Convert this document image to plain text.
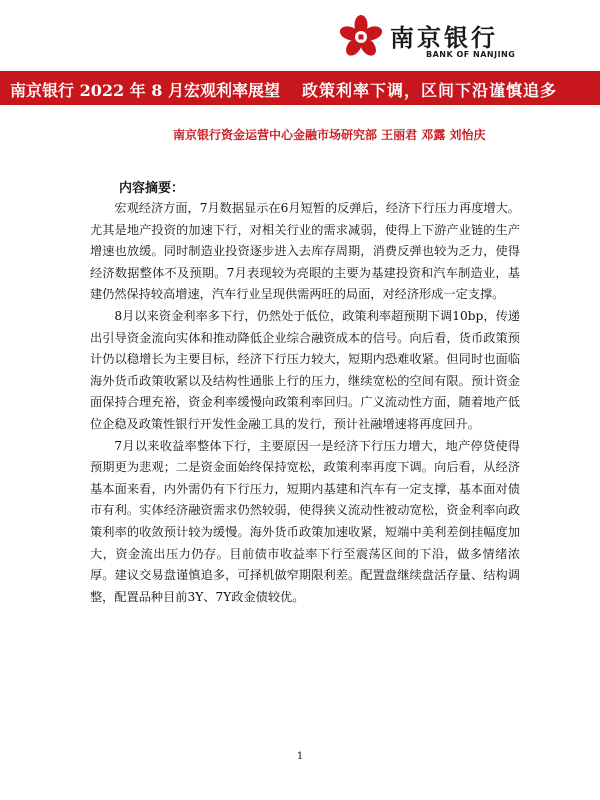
南京银行
BANK OF NANJING
南京银行 2022 年 8 月宏观利率展望 政策利率下调，区间下沿谨慎追多
南京银行资金运营中心金融市场研究部 王丽君 邓露 刘怡庆
内容摘要：

宏观经济方面，7月数据显示在6月短暂的反弹后，经济下行压力再度增大。尤其是地产投资的加速下行，对相关行业的需求减弱，使得上下游产业链的生产增速也放缓。同时制造业投资逐步进入去库存周期，消费反弹也较为乏力，使得经济数据整体不及预期。7月表现较为亮眼的主要为基建投资和汽车制造业，基建仍然保持较高增速，汽车行业呈现供需两旺的局面，对经济形成一定支撑。

8月以来资金利率多下行，仍然处于低位，政策利率超预期下调10bp，传递出引导资金流向实体和推动降低企业综合融资成本的信号。向后看，货币政策预计仍以稳增长为主要目标，经济下行压力较大，短期内恐难收紧。但同时也面临海外货币政策收紧以及结构性通胀上行的压力，继续宽松的空间有限。预计资金面保持合理充裕，资金利率缓慢向政策利率回归。广义流动性方面，随着地产低位企稳及政策性银行开发性金融工具的发行，预计社融增速将再度回升。

7月以来收益率整体下行，主要原因一是经济下行压力增大，地产停贷使得预期更为悲观；二是资金面始终保持宽松，政策利率再度下调。向后看，从经济基本面来看，内外需仍有下行压力，短期内基建和汽车有一定支撑，基本面对债市有利。实体经济融资需求仍然较弱，使得狭义流动性被动宽松，资金利率向政策利率的收敛预计较为缓慢。海外货币政策加速收紧，短端中美利差倒挂幅度加大，资金流出压力仍存。目前债市收益率下行至震荡区间的下沿，做多情绪浓厚。建议交易盘谨慎追多，可择机做窄期限利差。配置盘继续盘活存量、结构调整，配置品种目前3Y、7Y政金债较优。

1
